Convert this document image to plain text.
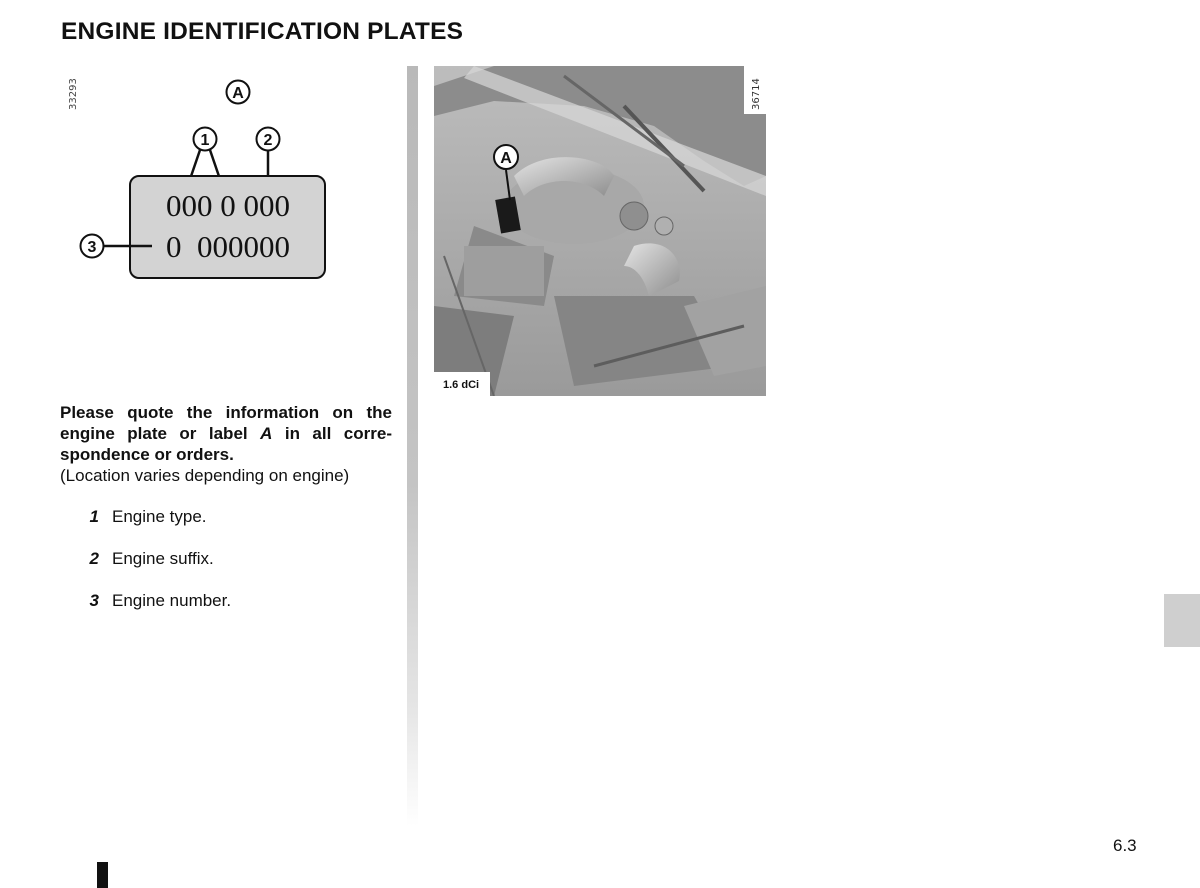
ENGINE IDENTIFICATION PLATES
33293	A
1	2
000 0 000
0  000000
3
A
36714
1.6 dCi
Please quote the information on the engine plate or label A in all correspondence or orders.
(Location varies depending on engine)
1 Engine type.
2 Engine suffix.
3 Engine number.
6.3
